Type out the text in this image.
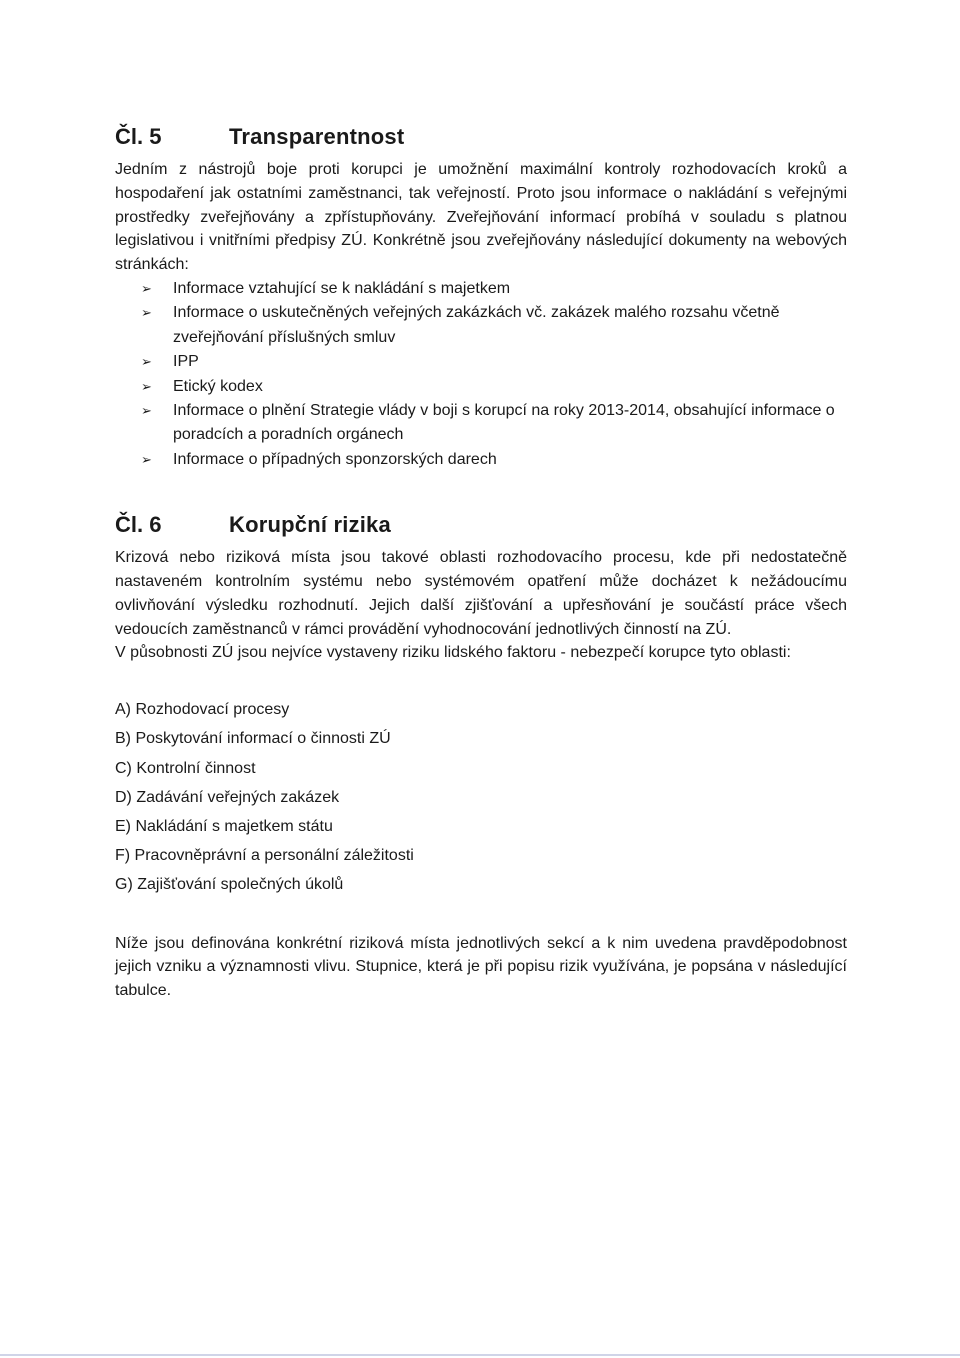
Čl. 5	Transparentnost

Jedním z nástrojů boje proti korupci je umožnění maximální kontroly rozhodovacích kroků a hospodaření jak ostatními zaměstnanci, tak veřejností. Proto jsou informace o nakládání s veřejnými prostředky zveřejňovány a zpřístupňovány. Zveřejňování informací probíhá v souladu s platnou legislativou i vnitřními předpisy ZÚ. Konkrétně jsou zveřejňovány následující dokumenty na webových stránkách:

➢ Informace vztahující se k nakládání s majetkem
➢ Informace o uskutečněných veřejných zakázkách vč. zakázek malého rozsahu včetně zveřejňování příslušných smluv
➢ IPP
➢ Etický kodex
➢ Informace o plnění Strategie vlády v boji s korupcí na roky 2013-2014, obsahující informace o poradcích a poradních orgánech
➢ Informace o případných sponzorských darech
Čl. 6	Korupční rizika

Krizová nebo riziková místa jsou takové oblasti rozhodovacího procesu, kde při nedostatečně nastaveném kontrolním systému nebo systémovém opatření může docházet k nežádoucímu ovlivňování výsledku rozhodnutí. Jejich další zjišťování a upřesňování je součástí práce všech vedoucích zaměstnanců v rámci provádění vyhodnocování jednotlivých činností na ZÚ.

V působnosti ZÚ jsou nejvíce vystaveny riziku lidského faktoru - nebezpečí korupce tyto oblasti:

A) Rozhodovací procesy
B) Poskytování informací o činnosti ZÚ
C) Kontrolní činnost
D) Zadávání veřejných zakázek
E) Nakládání s majetkem státu
F) Pracovněprávní a personální záležitosti
G) Zajišťování společných úkolů

Níže jsou definována konkrétní riziková místa jednotlivých sekcí a k nim uvedena pravděpodobnost jejich vzniku a významnosti vlivu. Stupnice, která je při popisu rizik využívána, je popsána v následující tabulce.
